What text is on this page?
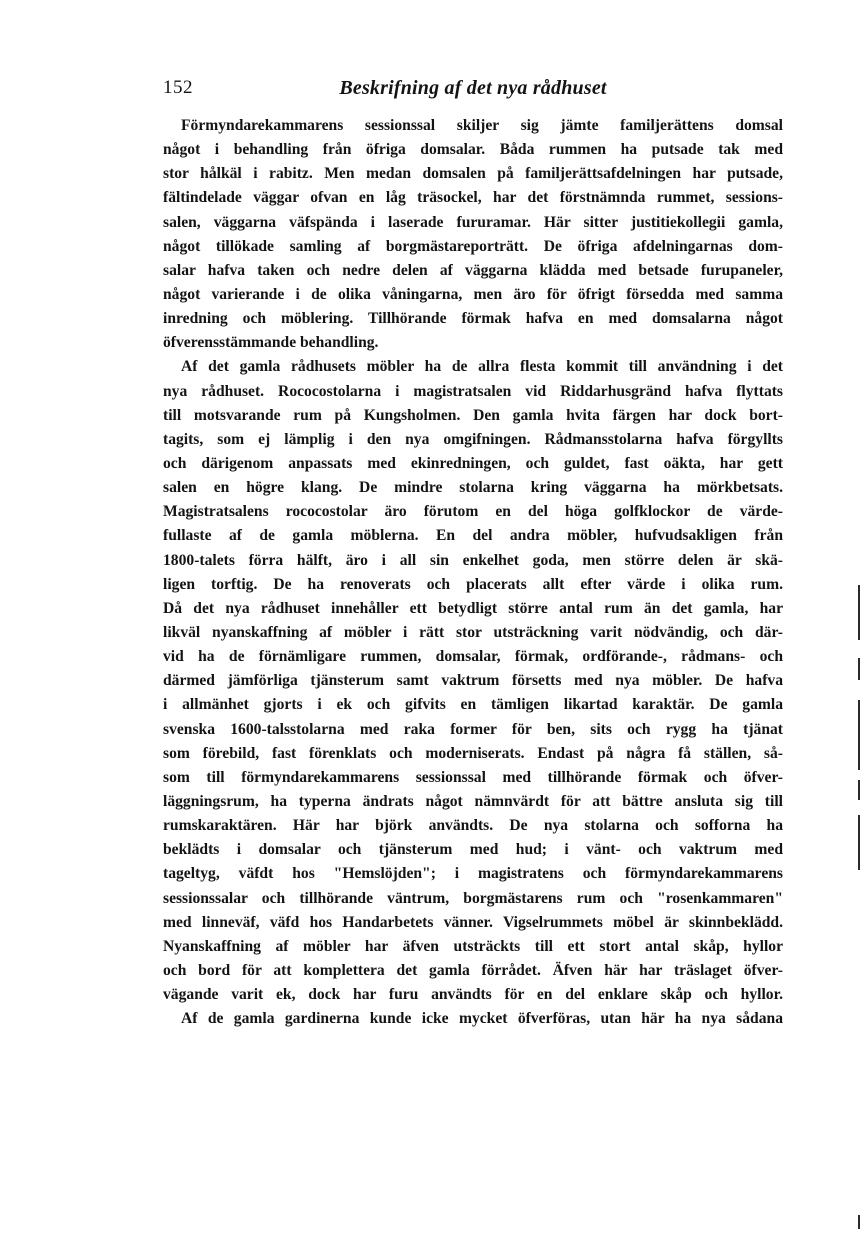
152	Beskrifning af det nya rådhuset
Förmyndarekammarens sessionssal skiljer sig jämte familjerättens domsal
något i behandling från öfriga domsalar. Båda rummen ha putsade tak med
stor hålkäl i rabitz. Men medan domsalen på familjerättsafdelningen har putsade,
fältindelade väggar ofvan en låg träsockel, har det förstnämnda rummet, sessions-
salen, väggarna väfspända i laserade fururamar. Här sitter justitiekollegii gamla,
något tillökade samling af borgmästareporträtt. De öfriga afdelningarnas dom-
salar hafva taken och nedre delen af väggarna klädda med betsade furupaneler,
något varierande i de olika våningarna, men äro för öfrigt försedda med samma
inredning och möblering. Tillhörande förmak hafva en med domsalarna något
öfverensstämmande behandling.
Af det gamla rådhusets möbler ha de allra flesta kommit till användning i det
nya rådhuset. Rococostolarna i magistratsalen vid Riddarhusgränd hafva flyttats
till motsvarande rum på Kungsholmen. Den gamla hvita färgen har dock bort-
tagits, som ej lämplig i den nya omgifningen. Rådmansstolarna hafva förgyllts
och därigenom anpassats med ekinredningen, och guldet, fast oäkta, har gett
salen en högre klang. De mindre stolarna kring väggarna ha mörkbetsats.
Magistratsalens rococostolar äro förutom en del höga golfklockor de värde-
fullaste af de gamla möblerna. En del andra möbler, hufvudsakligen från
1800-talets förra hälft, äro i all sin enkelhet goda, men större delen är skä-
ligen torftig. De ha renoverats och placerats allt efter värde i olika rum.
Då det nya rådhuset innehåller ett betydligt större antal rum än det gamla, har
likväl nyanskaffning af möbler i rätt stor utsträckning varit nödvändig, och där-
vid ha de förnämligare rummen, domsalar, förmak, ordförande-, rådmans- och
därmed jämförliga tjänsterum samt vaktrum försetts med nya möbler. De hafva
i allmänhet gjorts i ek och gifvits en tämligen likartad karaktär. De gamla
svenska 1600-talsstolarna med raka former för ben, sits och rygg ha tjänat
som förebild, fast förenklats och moderniserats. Endast på några få ställen, så-
som till förmyndarekammarens sessionssal med tillhörande förmak och öfver-
läggningsrum, ha typerna ändrats något nämnvärdt för att bättre ansluta sig till
rumskaraktären. Här har björk användts. De nya stolarna och sofforna ha
beklädts i domsalar och tjänsterum med hud; i vänt- och vaktrum med
tageltyg, väfdt hos "Hemslöjden"; i magistratens och förmyndarekammarens
sessionssalar och tillhörande väntrum, borgmästarens rum och "rosenkammaren"
med linneväf, väfd hos Handarbetets vänner. Vigselrummets möbel är skinnbeklädd.
Nyanskaffning af möbler har äfven utsträckts till ett stort antal skåp, hyllor
och bord för att komplettera det gamla förrådet. Äfven här har träslaget öfver-
vägande varit ek, dock har furu användts för en del enklare skåp och hyllor.
Af de gamla gardinerna kunde icke mycket öfverföras, utan här ha nya sådana
